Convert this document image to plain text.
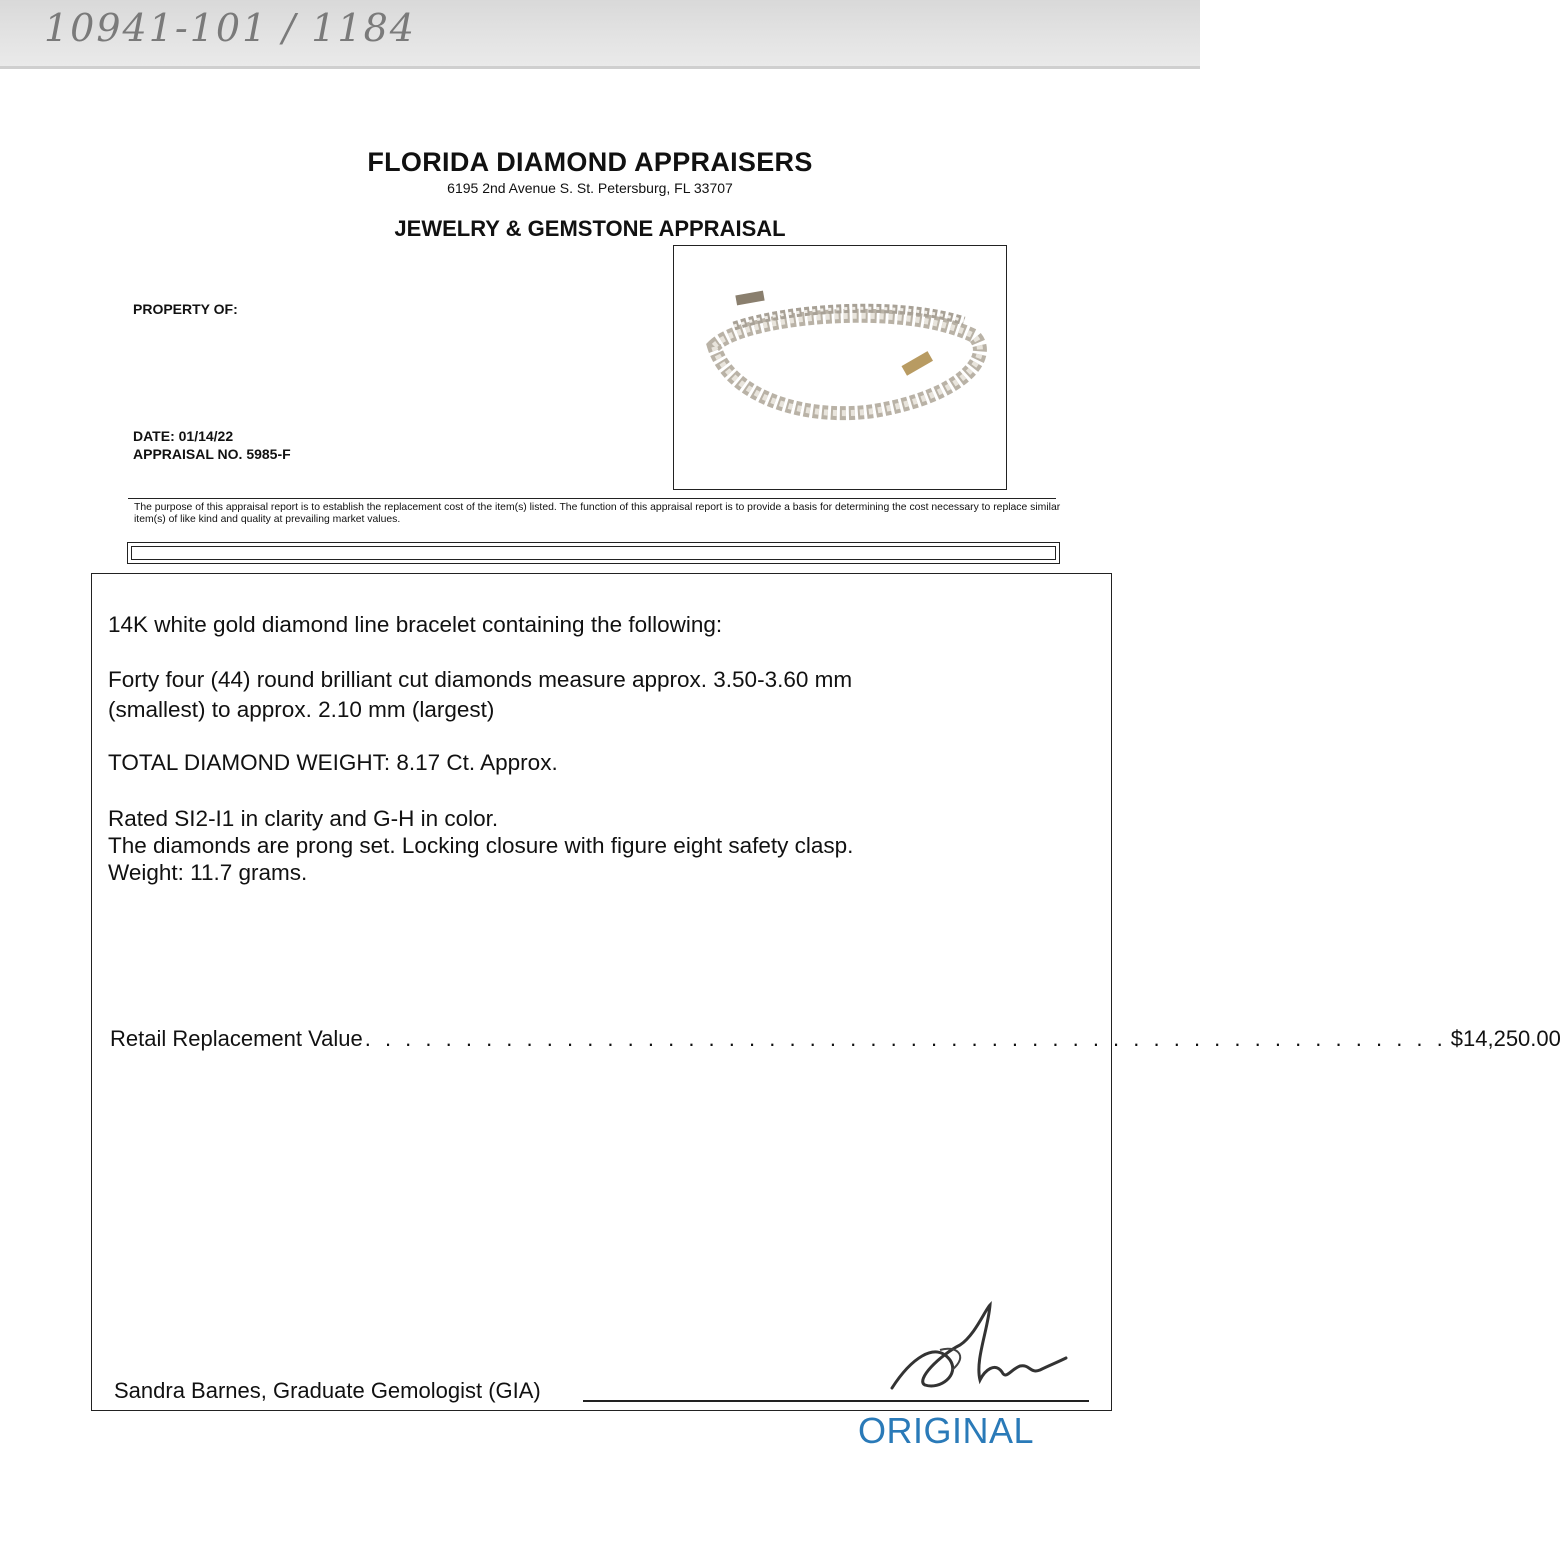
10941-101 / 1184
FLORIDA DIAMOND APPRAISERS
6195 2nd Avenue S. St. Petersburg, FL 33707
JEWELRY & GEMSTONE APPRAISAL
PROPERTY OF:
DATE: 01/14/22
APPRAISAL NO. 5985-F
The purpose of this appraisal report is to establish the replacement cost of the item(s) listed. The function of this appraisal report is to provide a basis for determining the cost necessary to replace similar item(s) of like kind and quality at prevailing market values.
14K white gold diamond line bracelet containing the following:
Forty four (44) round brilliant cut diamonds measure approx. 3.50-3.60 mm
(smallest) to approx. 2.10 mm (largest)
TOTAL DIAMOND WEIGHT: 8.17 Ct. Approx.
Rated SI2-I1 in clarity and G-H in color.
The diamonds are prong set. Locking closure with figure eight safety clasp.
Weight: 11.7 grams.
Retail Replacement Value . . . . . . . . . . . . . . . . . . . . . . . . . . . . . . . . . . . . . . . . . . . . . . . . . . . . . . $14,250.00
Sandra Barnes, Graduate Gemologist (GIA)
ORIGINAL
